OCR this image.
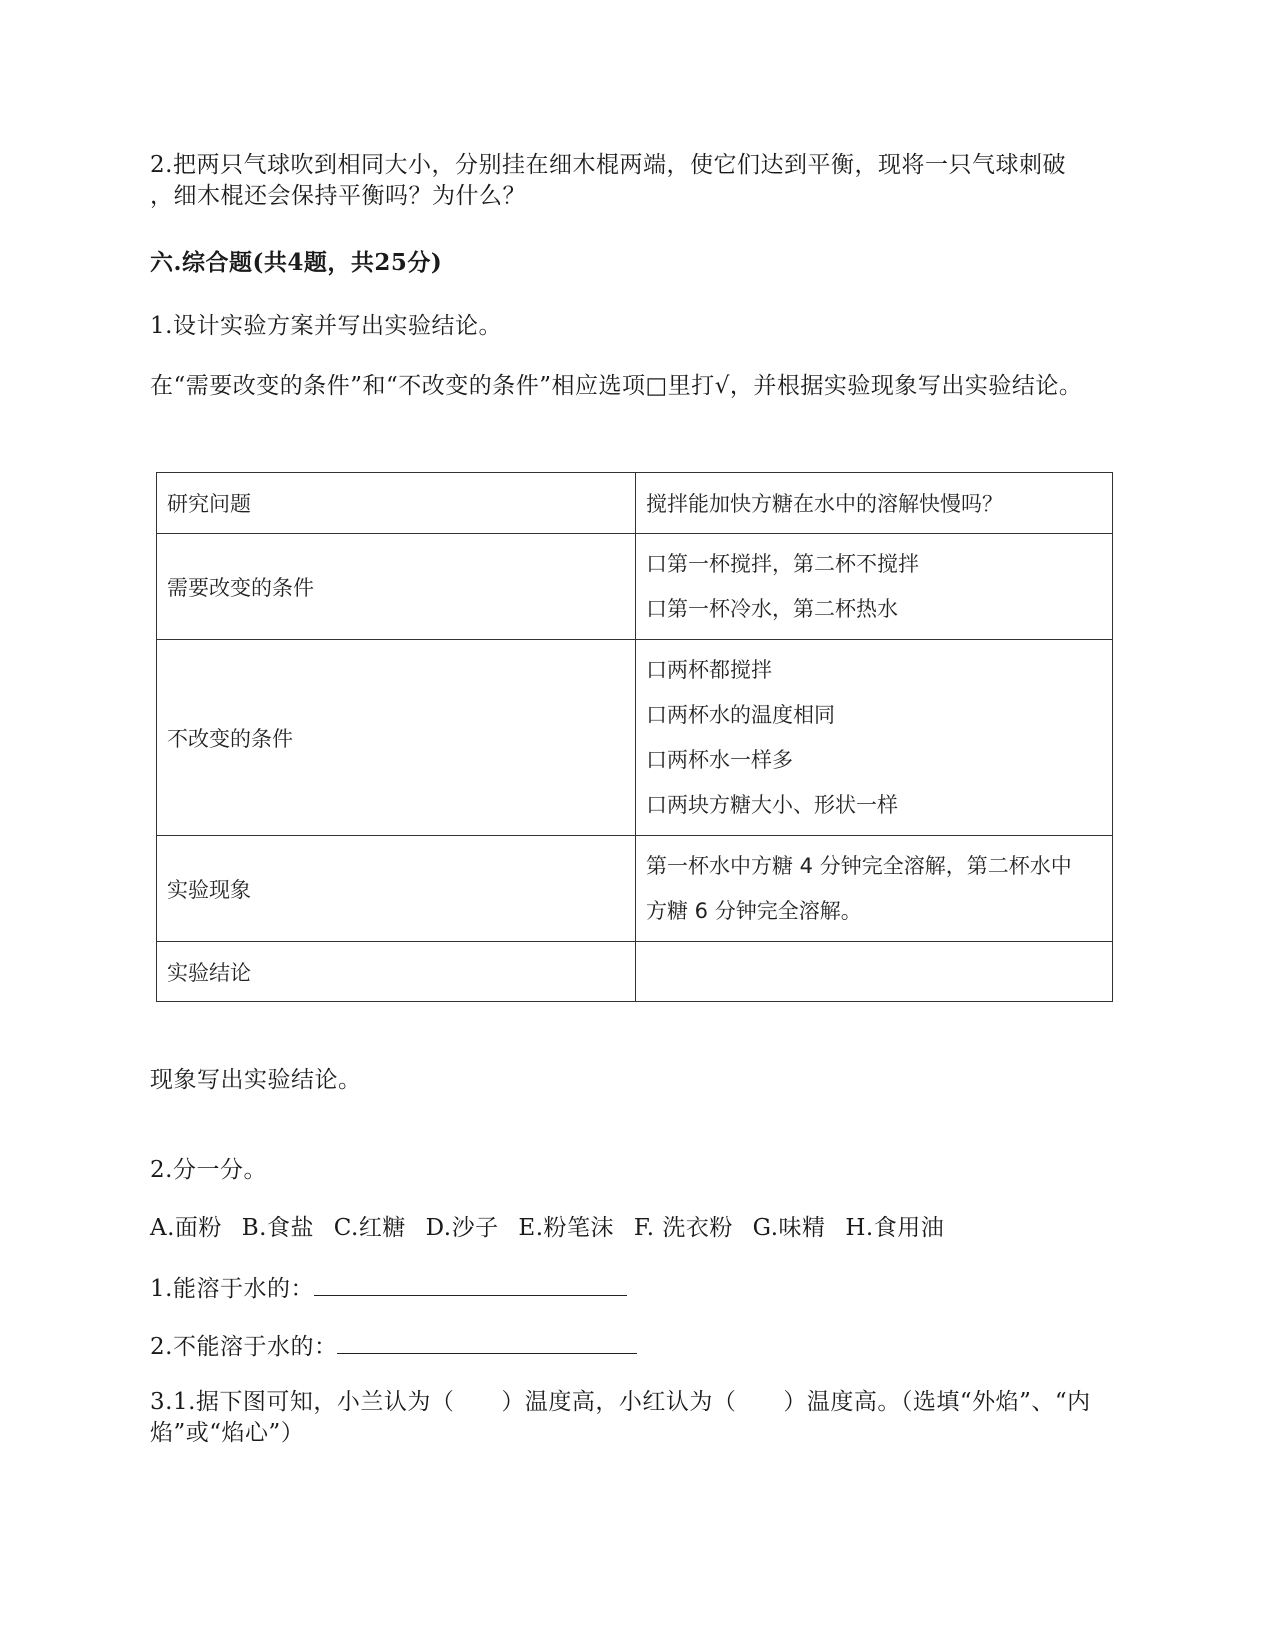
2.把两只气球吹到相同大小，分别挂在细木棍两端，使它们达到平衡，现将一只气球刺破
，细木棍还会保持平衡吗？为什么？

六.综合题(共4题，共25分)

1.设计实验方案并写出实验结论。

在“需要改变的条件”和“不改变的条件”相应选项□里打√，并根据实验现象写出实验结论。

研究问题	搅拌能加快方糖在水中的溶解快慢吗？
需要改变的条件	口第一杯搅拌，第二杯不搅拌
口第一杯冷水，第二杯热水

不改变的条件	口两杯都搅拌
口两杯水的温度相同
口两杯水一样多
口两块方糖大小、形状一样

实验现象	第一杯水中方糖 4 分钟完全溶解，第二杯水中
方糖 6 分钟完全溶解。

实验结论	

现象写出实验结论。

2.分一分。

A.面粉 B.食盐 C.红糖 D.沙子 E.粉笔沫 F. 洗衣粉 G.味精 H.食用油

1.能溶于水的：

2.不能溶于水的：

3.1.据下图可知，小兰认为（　　）温度高，小红认为（　　）温度高。（选填“外焰”、“内
焰”或“焰心”）
